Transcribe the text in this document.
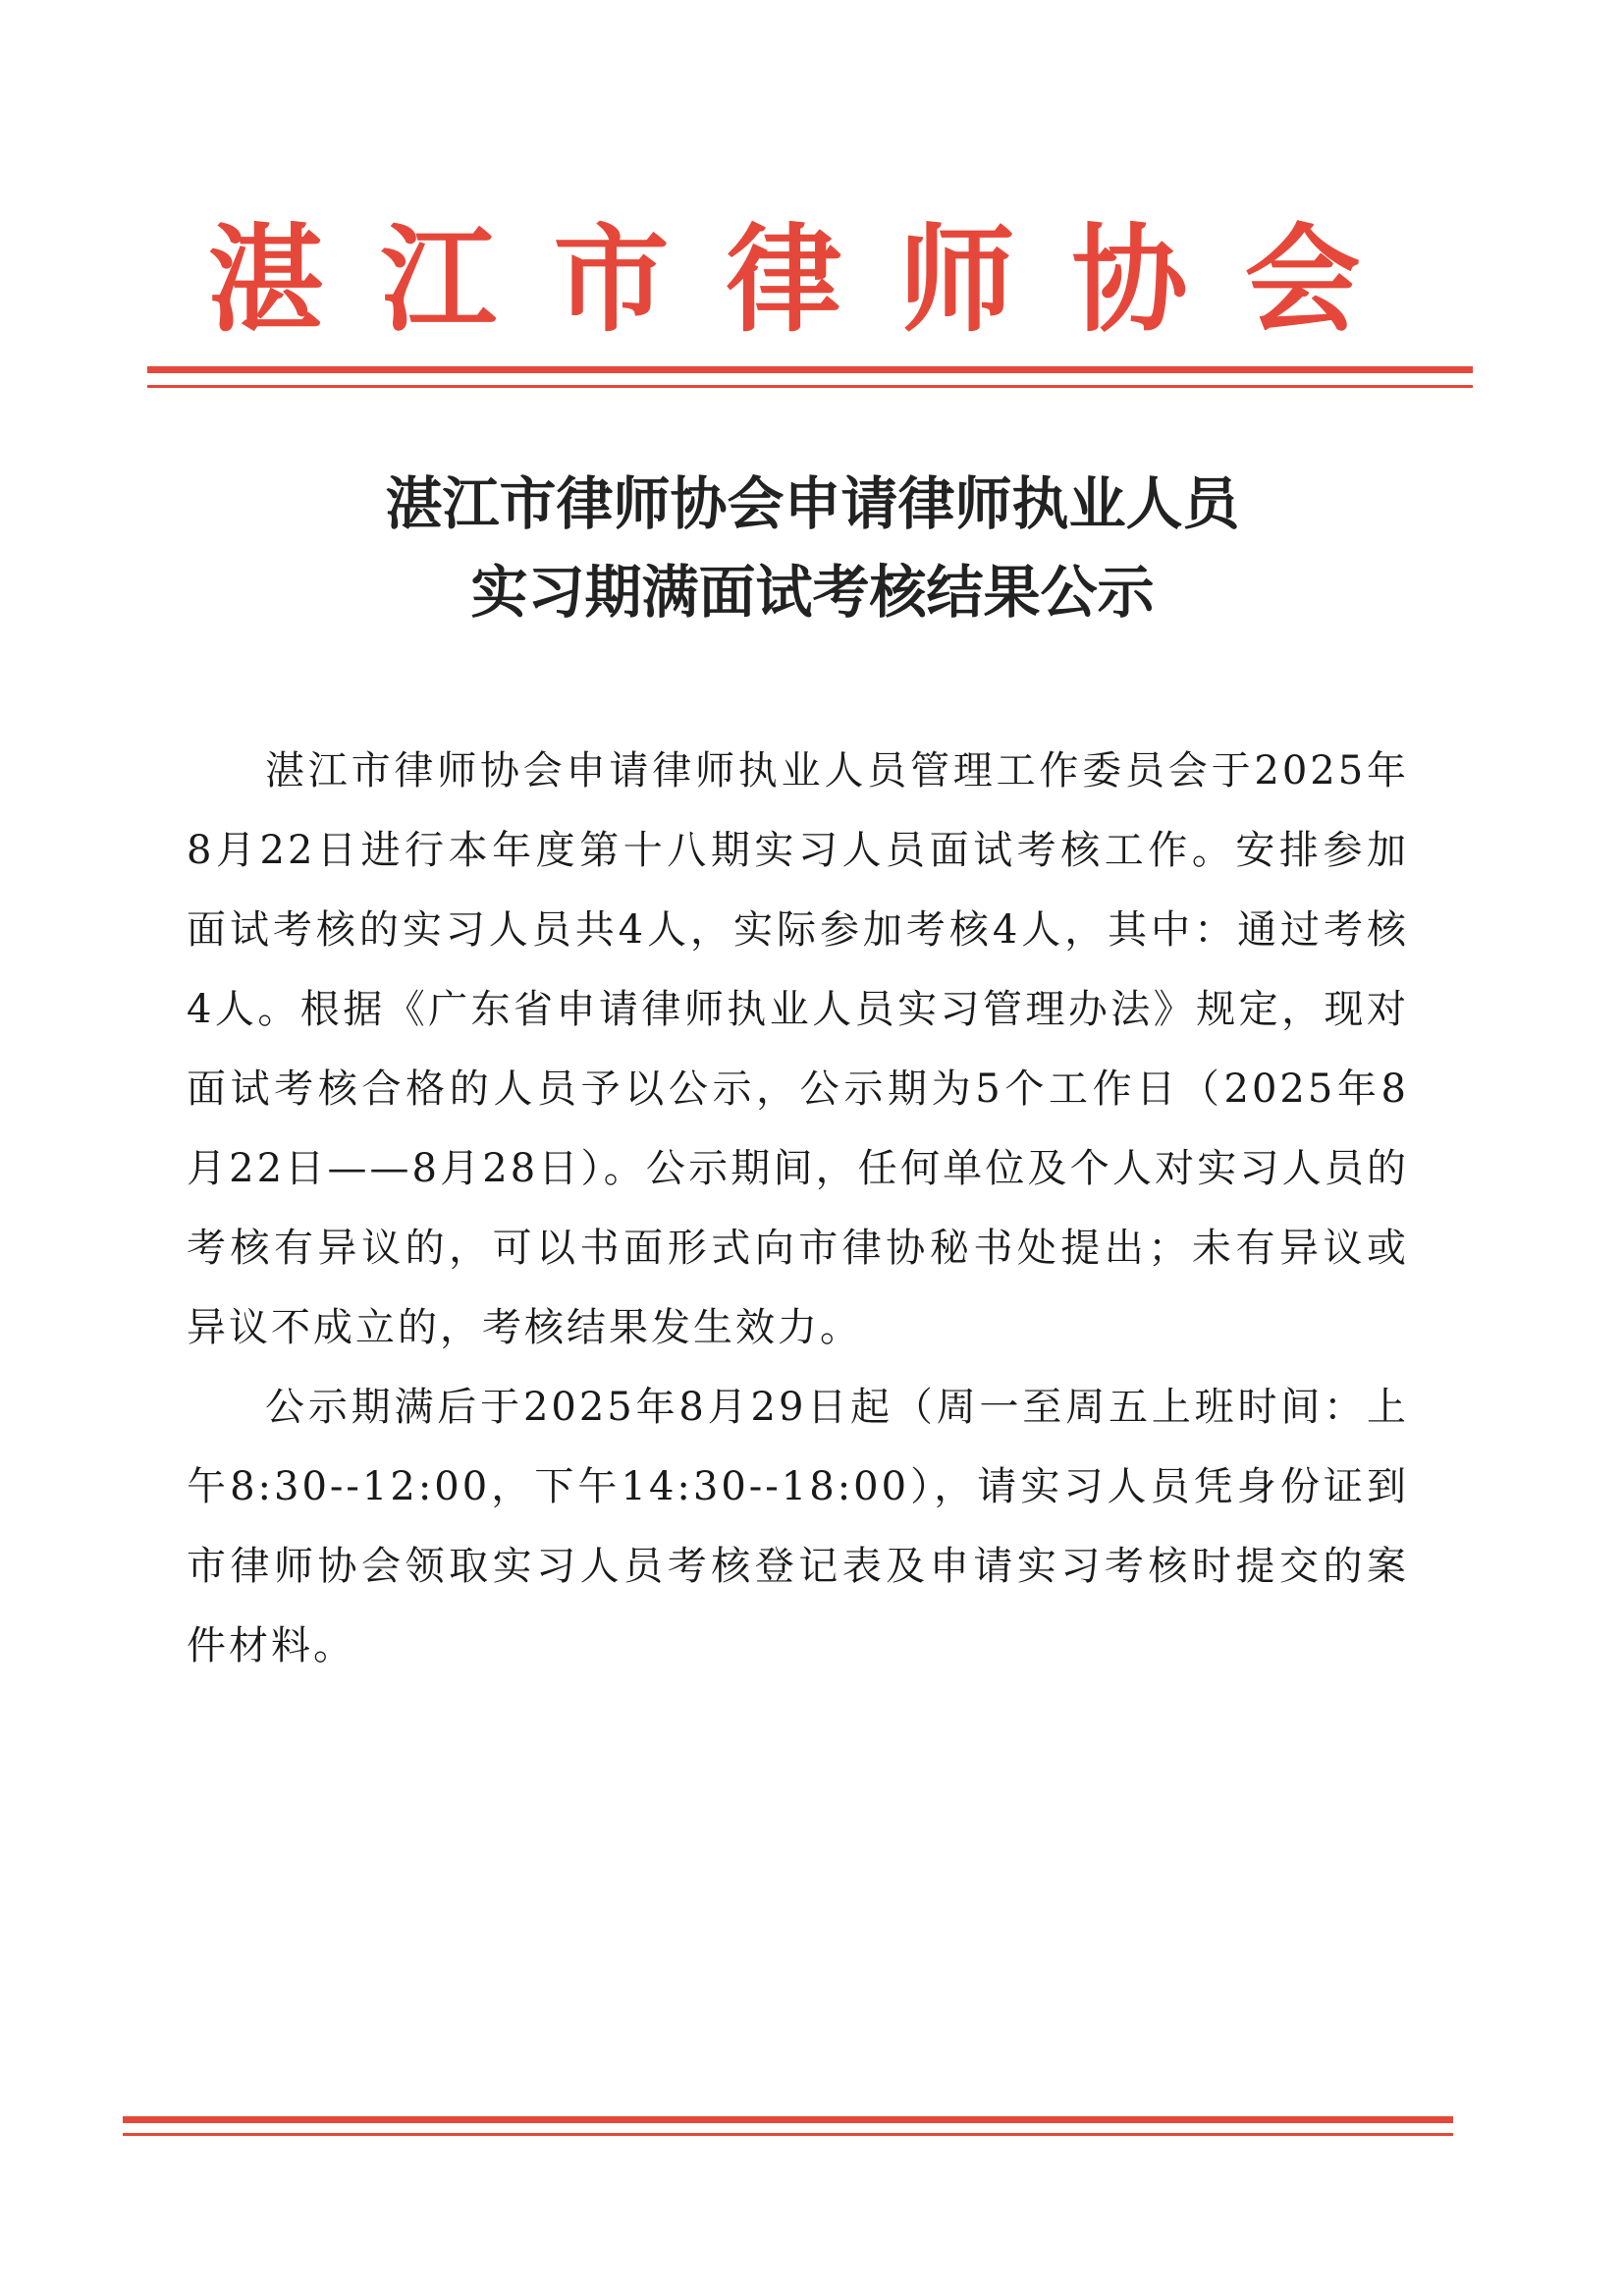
湛江市律师协会
湛江市律师协会申请律师执业人员
实习期满面试考核结果公示

湛江市律师协会申请律师执业人员管理工作委员会于2025年8月22日进行本年度第十八期实习人员面试考核工作。安排参加面试考核的实习人员共4人，实际参加考核4人，其中：通过考核4人。根据《广东省申请律师执业人员实习管理办法》规定，现对面试考核合格的人员予以公示，公示期为5个工作日（2025年8月22日——8月28日）。公示期间，任何单位及个人对实习人员的考核有异议的，可以书面形式向市律协秘书处提出；未有异议或异议不成立的，考核结果发生效力。

公示期满后于2025年8月29日起（周一至周五上班时间：上午8:30--12:00，下午14:30--18:00），请实习人员凭身份证到市律师协会领取实习人员考核登记表及申请实习考核时提交的案件材料。
